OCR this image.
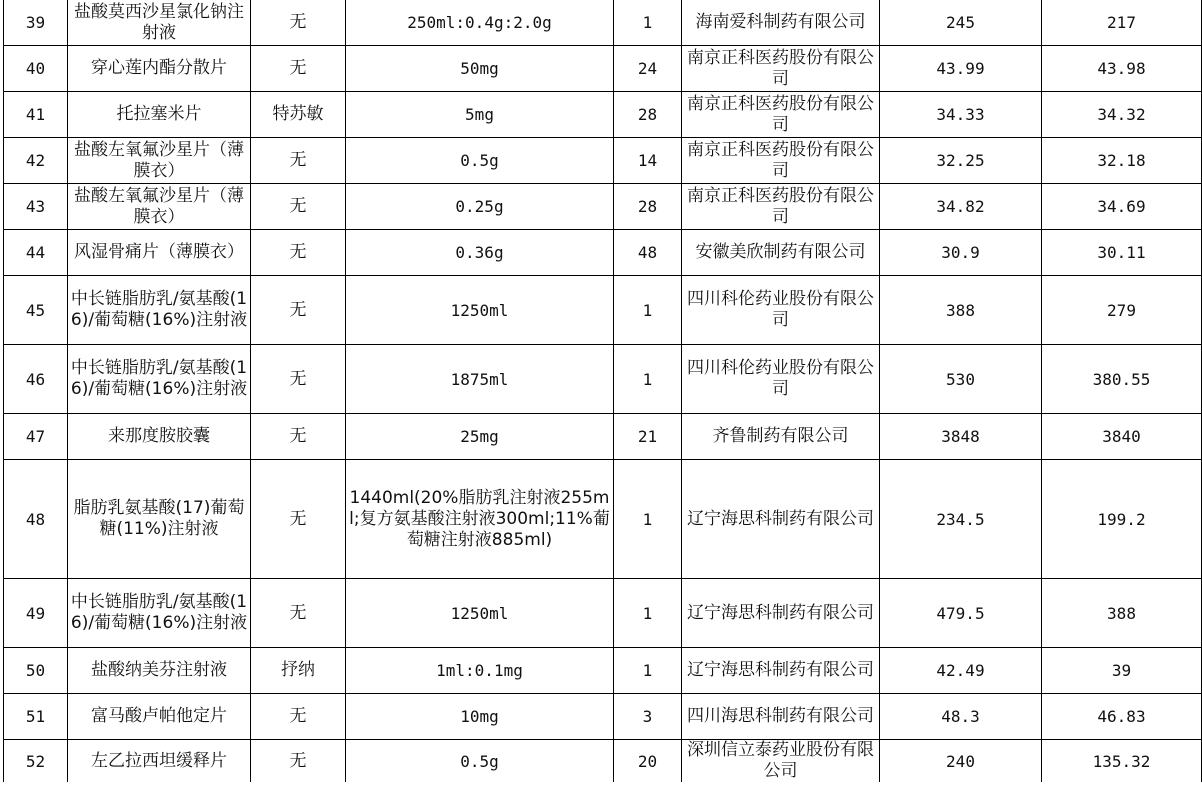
39	盐酸莫西沙星氯化钠注射液	无	250ml:0.4g:2.0g	1	海南爱科制药有限公司	245	217
40	穿心莲内酯分散片	无	50mg	24	南京正科医药股份有限公司	43.99	43.98
41	托拉塞米片	特苏敏	5mg	28	南京正科医药股份有限公司	34.33	34.32
42	盐酸左氧氟沙星片（薄膜衣）	无	0.5g	14	南京正科医药股份有限公司	32.25	32.18
43	盐酸左氧氟沙星片（薄膜衣）	无	0.25g	28	南京正科医药股份有限公司	34.82	34.69
44	风湿骨痛片（薄膜衣）	无	0.36g	48	安徽美欣制药有限公司	30.9	30.11
45	中长链脂肪乳/氨基酸(16)/葡萄糖(16%)注射液	无	1250ml	1	四川科伦药业股份有限公司	388	279
46	中长链脂肪乳/氨基酸(16)/葡萄糖(16%)注射液	无	1875ml	1	四川科伦药业股份有限公司	530	380.55
47	来那度胺胶囊	无	25mg	21	齐鲁制药有限公司	3848	3840
48	脂肪乳氨基酸(17)葡萄糖(11%)注射液	无	1440ml(20%脂肪乳注射液255ml;复方氨基酸注射液300ml;11%葡萄糖注射液885ml)	1	辽宁海思科制药有限公司	234.5	199.2
49	中长链脂肪乳/氨基酸(16)/葡萄糖(16%)注射液	无	1250ml	1	辽宁海思科制药有限公司	479.5	388
50	盐酸纳美芬注射液	抒纳	1ml:0.1mg	1	辽宁海思科制药有限公司	42.49	39
51	富马酸卢帕他定片	无	10mg	3	四川海思科制药有限公司	48.3	46.83
52	左乙拉西坦缓释片	无	0.5g	20	深圳信立泰药业股份有限公司	240	135.32
